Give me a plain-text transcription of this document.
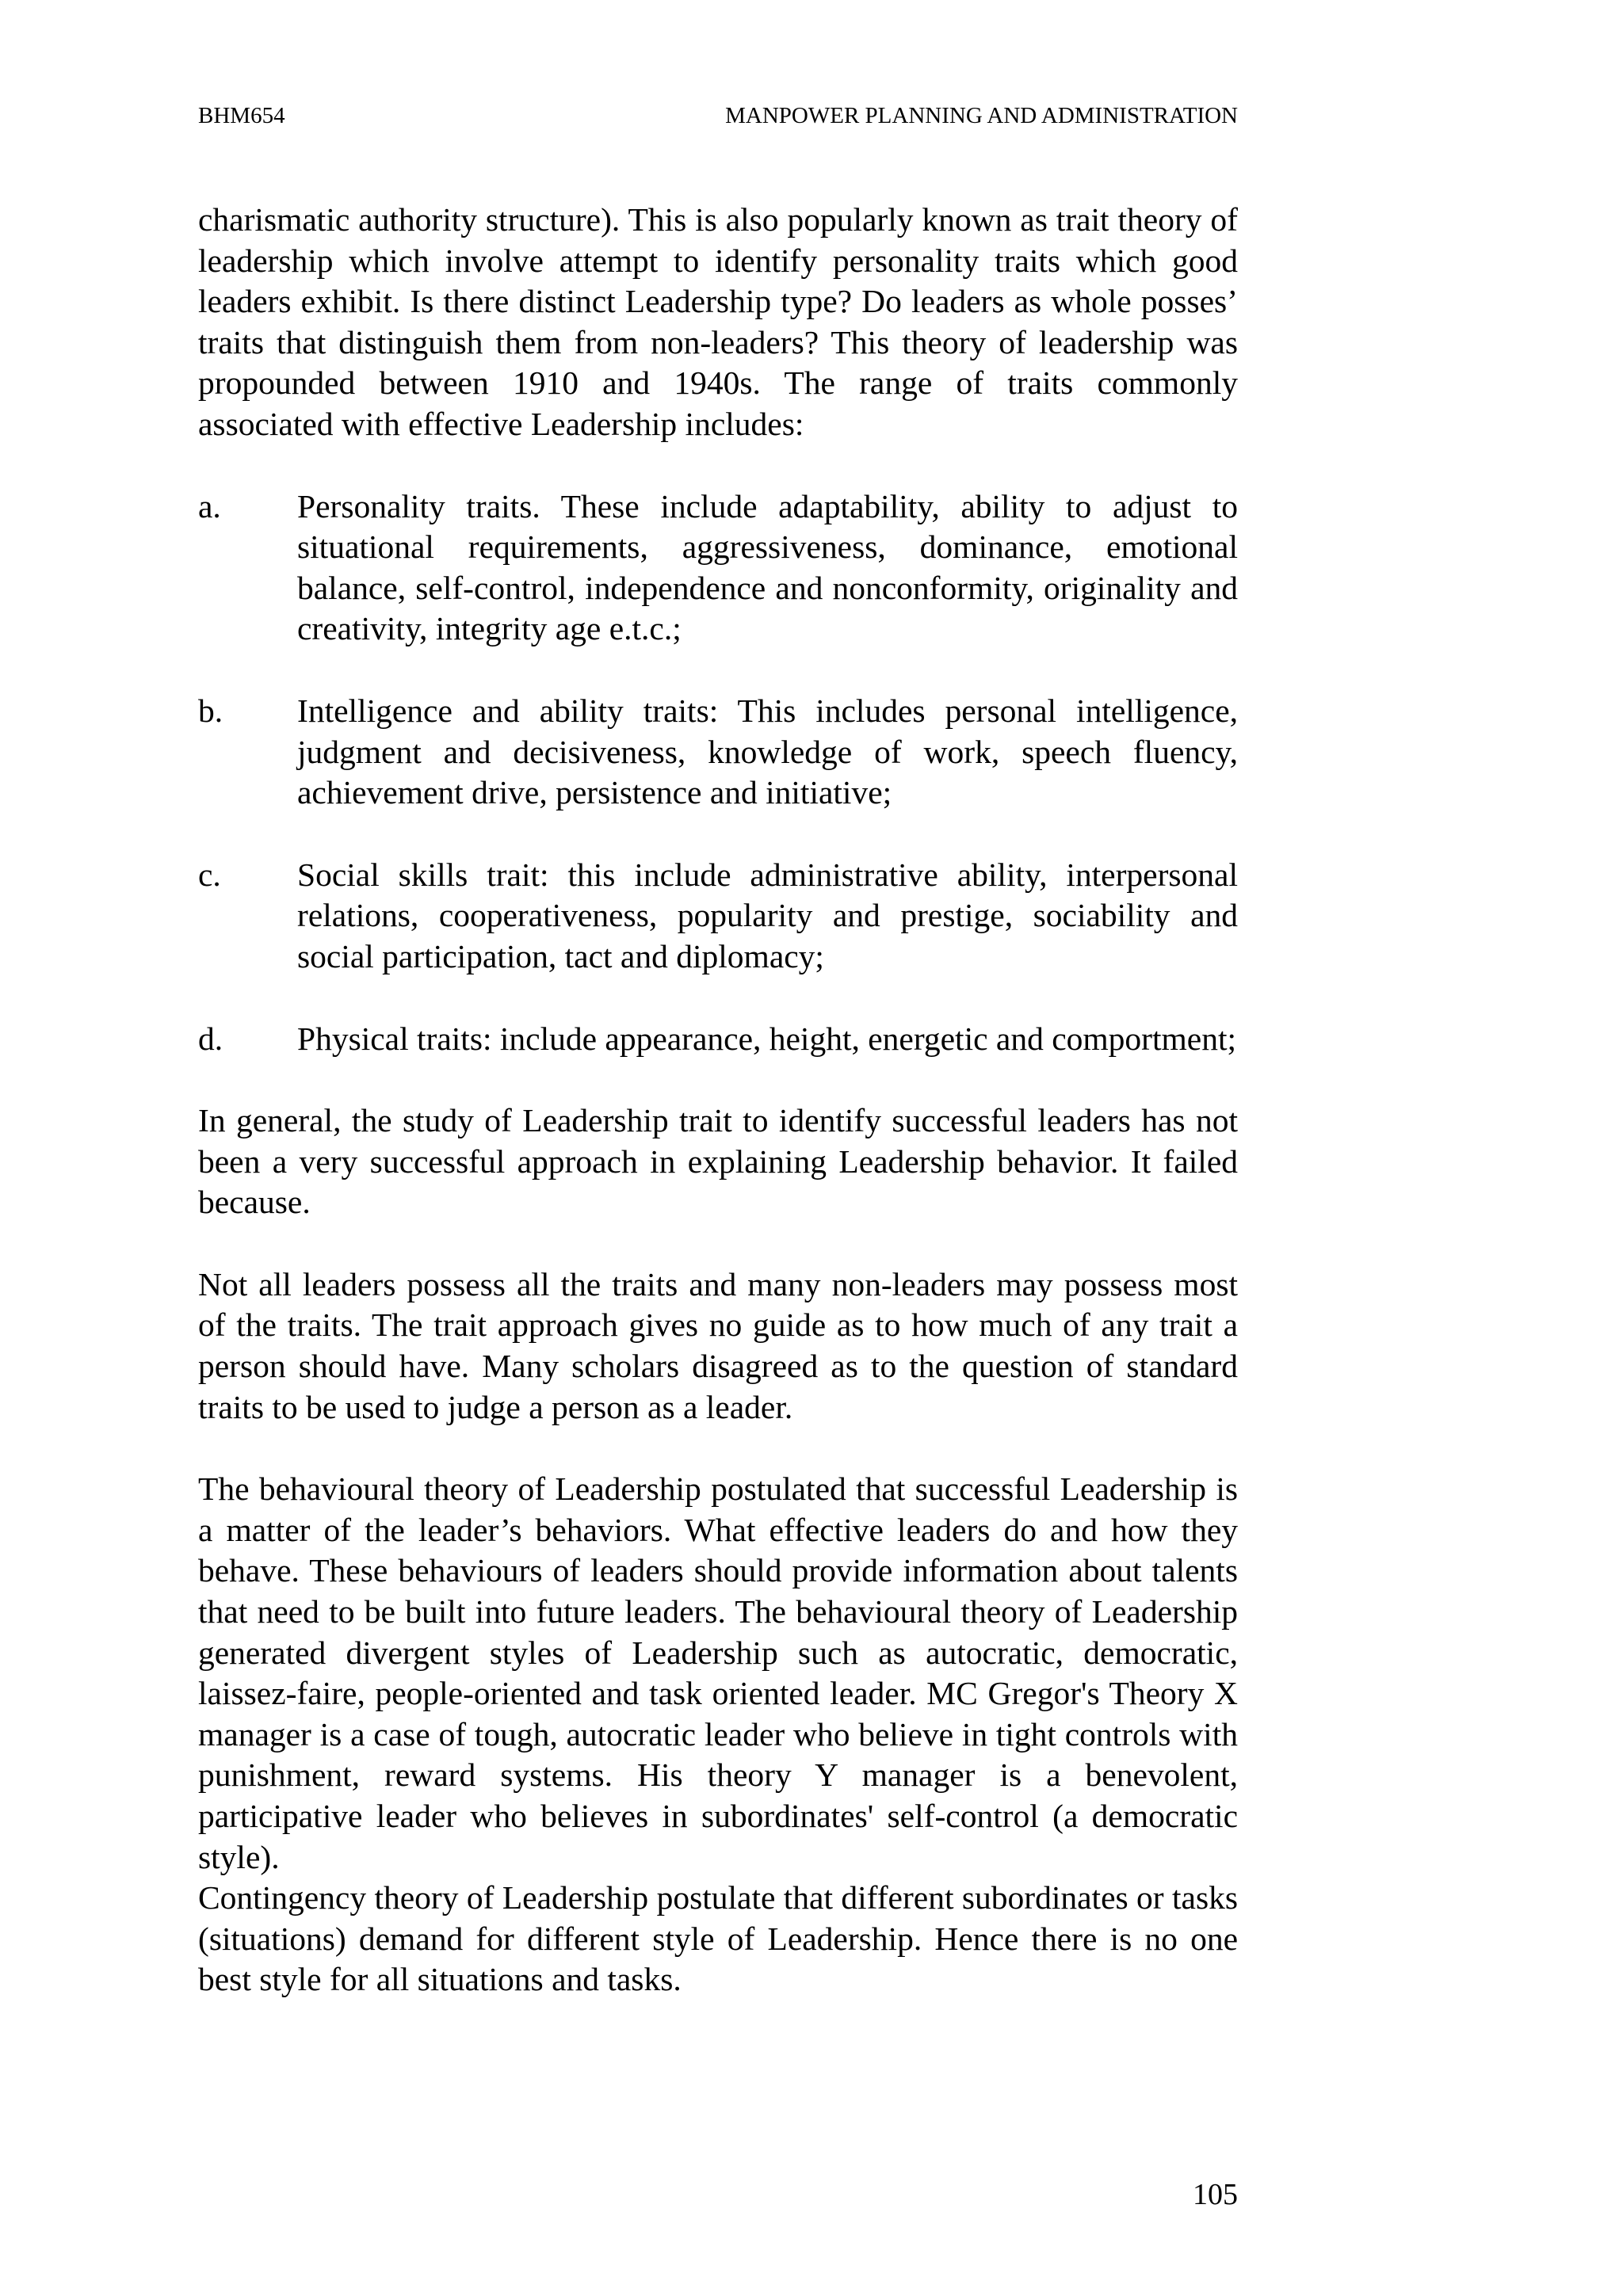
BHM654	MANPOWER PLANNING AND ADMINISTRATION

charismatic authority structure). This is also popularly known as trait theory of leadership which involve attempt to identify personality traits which good leaders exhibit. Is there distinct Leadership type? Do leaders as whole posses’ traits that distinguish them from non-leaders? This theory of leadership was propounded between 1910 and 1940s. The range of traits commonly associated with effective Leadership includes:

a.	Personality traits. These include adaptability, ability to adjust to situational requirements, aggressiveness, dominance, emotional balance, self-control, independence and nonconformity, originality and creativity, integrity age e.t.c.;
b.	Intelligence and ability traits: This includes personal intelligence, judgment and decisiveness, knowledge of work, speech fluency, achievement drive, persistence and initiative;
c.	Social skills trait: this include administrative ability, interpersonal relations, cooperativeness, popularity and prestige, sociability and social participation, tact and diplomacy;
d.	Physical traits: include appearance, height, energetic and comportment;

In general, the study of Leadership trait to identify successful leaders has not been a very successful approach in explaining Leadership behavior. It failed because.

Not all leaders possess all the traits and many non-leaders may possess most of the traits. The trait approach gives no guide as to how much of any trait a person should have. Many scholars disagreed as to the question of standard traits to be used to judge a person as a leader.

The behavioural theory of Leadership postulated that successful Leadership is a matter of the leader’s behaviors. What effective leaders do and how they behave. These behaviours of leaders should provide information about talents that need to be built into future leaders. The behavioural theory of Leadership generated divergent styles of Leadership such as autocratic, democratic, laissez-faire, people-oriented and task oriented leader. MC Gregor's Theory X manager is a case of tough, autocratic leader who believe in tight controls with punishment, reward systems. His theory Y manager is a benevolent, participative leader who believes in subordinates' self-control (a democratic style).

Contingency theory of Leadership postulate that different subordinates or tasks (situations) demand for different style of Leadership. Hence there is no one best style for all situations and tasks.

105
